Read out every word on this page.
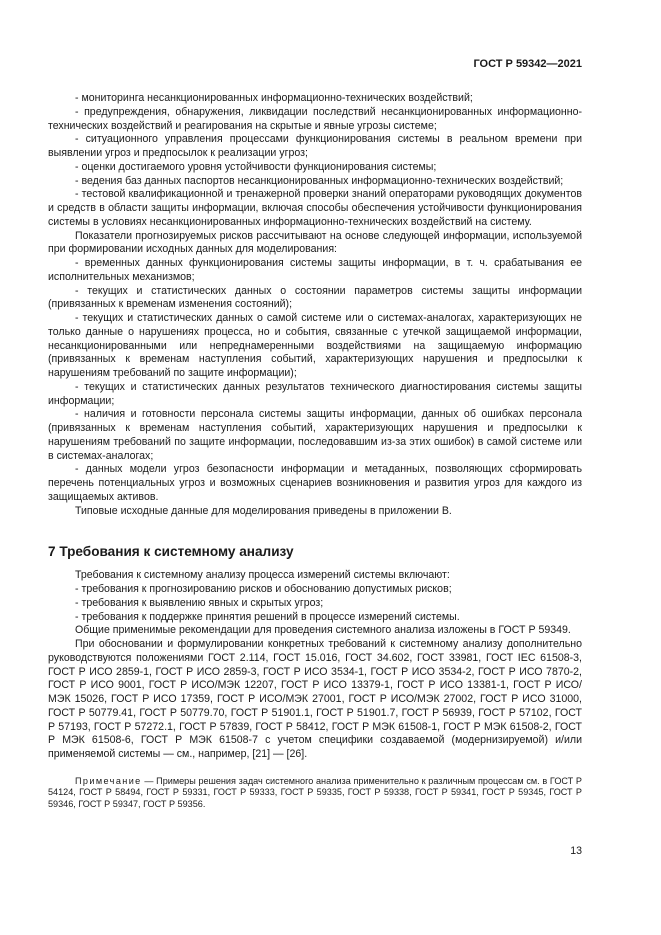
ГОСТ Р 59342—2021

- мониторинга несанкционированных информационно-технических воздействий;

- предупреждения, обнаружения, ликвидации последствий несанкционированных информационно-технических воздействий и реагирования на скрытые и явные угрозы системе;

- ситуационного управления процессами функционирования системы в реальном времени при выявлении угроз и предпосылок к реализации угроз;

- оценки достигаемого уровня устойчивости функционирования системы;

- ведения баз данных паспортов несанкционированных информационно-технических воздействий;

- тестовой квалификационной и тренажерной проверки знаний операторами руководящих документов и средств в области защиты информации, включая способы обеспечения устойчивости функционирования системы в условиях несанкционированных информационно-технических воздействий на систему.

Показатели прогнозируемых рисков рассчитывают на основе следующей информации, используемой при формировании исходных данных для моделирования:

- временных данных функционирования системы защиты информации, в т. ч. срабатывания ее исполнительных механизмов;

- текущих и статистических данных о состоянии параметров системы защиты информации (привязанных к временам изменения состояний);

- текущих и статистических данных о самой системе или о системах-аналогах, характеризующих не только данные о нарушениях процесса, но и события, связанные с утечкой защищаемой информации, несанкционированными или непреднамеренными воздействиями на защищаемую информацию (привязанных к временам наступления событий, характеризующих нарушения и предпосылки к нарушениям требований по защите информации);

- текущих и статистических данных результатов технического диагностирования системы защиты информации;

- наличия и готовности персонала системы защиты информации, данных об ошибках персонала (привязанных к временам наступления событий, характеризующих нарушения и предпосылки к нарушениям требований по защите информации, последовавшим из-за этих ошибок) в самой системе или в системах-аналогах;

- данных модели угроз безопасности информации и метаданных, позволяющих сформировать перечень потенциальных угроз и возможных сценариев возникновения и развития угроз для каждого из защищаемых активов.

Типовые исходные данные для моделирования приведены в приложении В.

7 Требования к системному анализу

Требования к системному анализу процесса измерений системы включают:

- требования к прогнозированию рисков и обоснованию допустимых рисков;

- требования к выявлению явных и скрытых угроз;

- требования к поддержке принятия решений в процессе измерений системы.

Общие применимые рекомендации для проведения системного анализа изложены в ГОСТ Р 59349.

При обосновании и формулировании конкретных требований к системному анализу дополнительно руководствуются положениями ГОСТ 2.114, ГОСТ 15.016, ГОСТ 34.602, ГОСТ 33981, ГОСТ IEC 61508-3, ГОСТ Р ИСО 2859-1, ГОСТ Р ИСО 2859-3, ГОСТ Р ИСО 3534-1, ГОСТ Р ИСО 3534-2, ГОСТ Р ИСО 7870-2, ГОСТ Р ИСО 9001, ГОСТ Р ИСО/МЭК 12207, ГОСТ Р ИСО 13379-1, ГОСТ Р ИСО 13381-1, ГОСТ Р ИСО/МЭК 15026, ГОСТ Р ИСО 17359, ГОСТ Р ИСО/МЭК 27001, ГОСТ Р ИСО/МЭК 27002, ГОСТ Р ИСО 31000, ГОСТ Р 50779.41, ГОСТ Р 50779.70, ГОСТ Р 51901.1, ГОСТ Р 51901.7, ГОСТ Р 56939, ГОСТ Р 57102, ГОСТ Р 57193, ГОСТ Р 57272.1, ГОСТ Р 57839, ГОСТ Р 58412, ГОСТ Р МЭК 61508-1, ГОСТ Р МЭК 61508-2, ГОСТ Р МЭК 61508-6, ГОСТ Р МЭК 61508-7 с учетом специфики создаваемой (модернизируемой) и/или применяемой системы — см., например, [21] — [26].

Примечание — Примеры решения задач системного анализа применительно к различным процессам см. в ГОСТ Р 54124, ГОСТ Р 58494, ГОСТ Р 59331, ГОСТ Р 59333, ГОСТ Р 59335, ГОСТ Р 59338, ГОСТ Р 59341, ГОСТ Р 59345, ГОСТ Р 59346, ГОСТ Р 59347, ГОСТ Р 59356.
13
